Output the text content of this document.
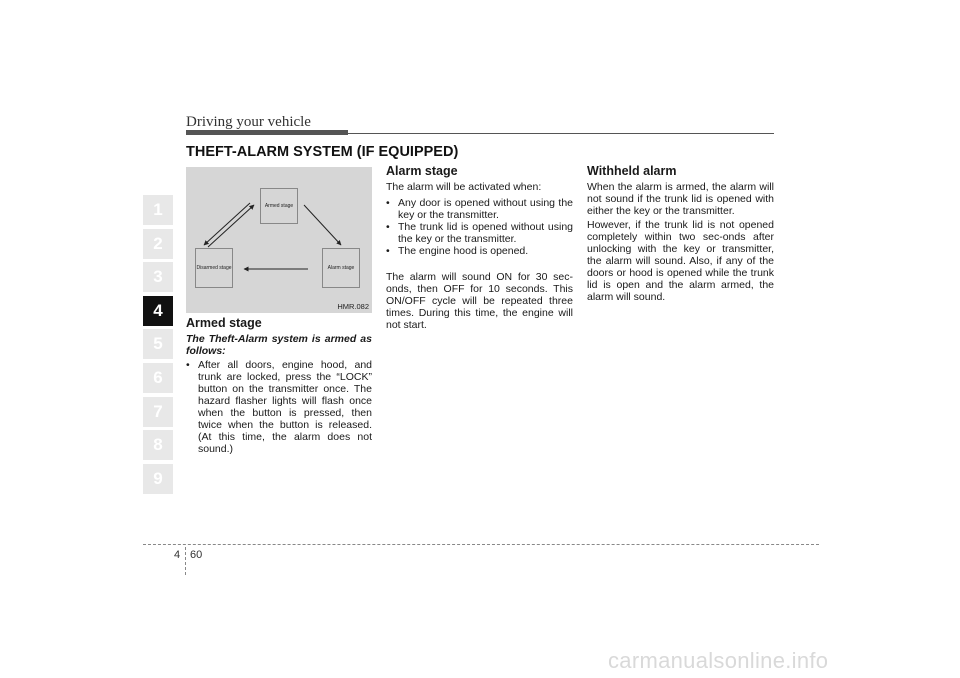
Driving your vehicle
THEFT-ALARM SYSTEM (IF EQUIPPED)
1
2
3
4
5
6
7
8
9
Armed stage
Disarmed stage	Alarm stage
HMR.082
Armed stage

The Theft-Alarm system is armed as follows:

• After all doors, engine hood, and trunk are locked, press the “LOCK” button on the transmitter once. The hazard flasher lights will flash once when the button is pressed, then twice when the button is released. (At this time, the alarm does not sound.)

Alarm stage

The alarm will be activated when:

• Any door is opened without using the key or the transmitter.

• The trunk lid is opened without using the key or the transmitter.

• The engine hood is opened.

The alarm will sound ON for 30 sec-onds, then OFF for 10 seconds. This ON/OFF cycle will be repeated three times. During this time, the engine will not start.

Withheld alarm

When the alarm is armed, the alarm will not sound if the trunk lid is opened with either the key or the transmitter.

However, if the trunk lid is not opened completely within two sec-onds after unlocking with the key or transmitter, the alarm will sound. Also, if any of the doors or hood is opened while the trunk lid is open and the alarm armed, the alarm will sound.

4 60
carmanualsonline.info
